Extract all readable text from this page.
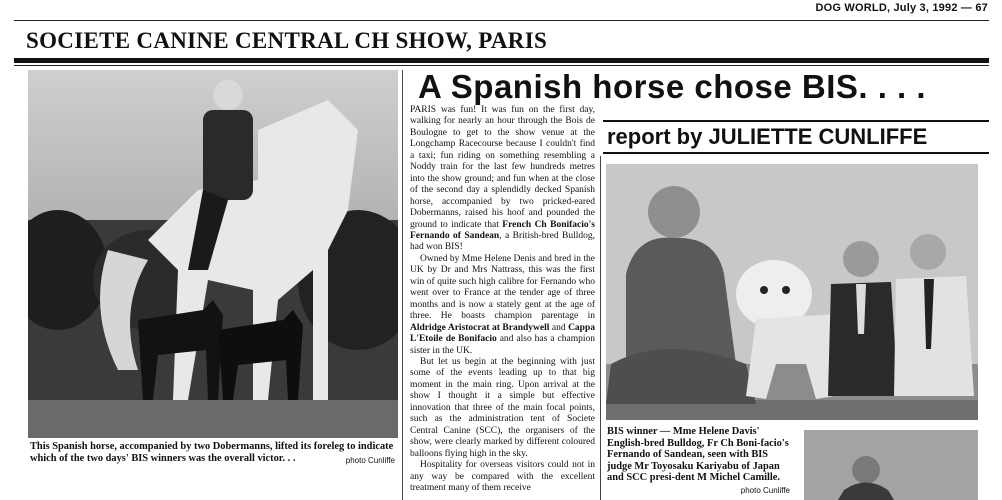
DOG WORLD, July 3, 1992 — 67
SOCIETE CANINE CENTRAL CH SHOW, PARIS
This Spanish horse, accompanied by two Dobermanns, lifted its foreleg to indicate which of the two days' BIS winners was the overall victor. . .	photo Cunliffe
A Spanish horse chose BIS. . . .
report by JULIETTE CUNLIFFE

PARIS was fun! It was fun on the first day, walking for nearly an hour through the Bois de Boulogne to get to the show venue at the Longchamp Racecourse because I couldn't find a taxi; fun riding on something resembling a Noddy train for the last few hundreds metres into the show ground; and fun when at the close of the second day a splendidly decked Spanish horse, accompanied by two pricked-eared Dobermanns, raised his hoof and pounded the ground to indicate that French Ch Bonifacio's Fernando of Sandean, a British-bred Bulldog, had won BIS!

Owned by Mme Helene Denis and bred in the UK by Dr and Mrs Nattrass, this was the first win of quite such high calibre for Fernando who went over to France at the tender age of three months and is now a stately gent at the age of three. He boasts champion parentage in Aldridge Aristocrat at Brandywell and Cappa L'Etoile de Bonifacio and also has a champion sister in the UK.

But let us begin at the beginning with just some of the events leading up to that big moment in the main ring. Upon arrival at the show I thought it a simple but effective innovation that three of the main focal points, such as the administration tent of Societe Central Canine (SCC), the organisers of the show, were clearly marked by different coloured balloons flying high in the sky.

Hospitality for overseas visitors could not in any way be compared with the excellent treatment many of them receive

BIS winner — Mme Helene Davis' English-bred Bulldog, Fr Ch Boni-facio's Fernando of Sandean, seen with BIS judge Mr Toyosaku Kariyabu of Japan and SCC presi-dent M Michel Camille.
photo Cunliffe
